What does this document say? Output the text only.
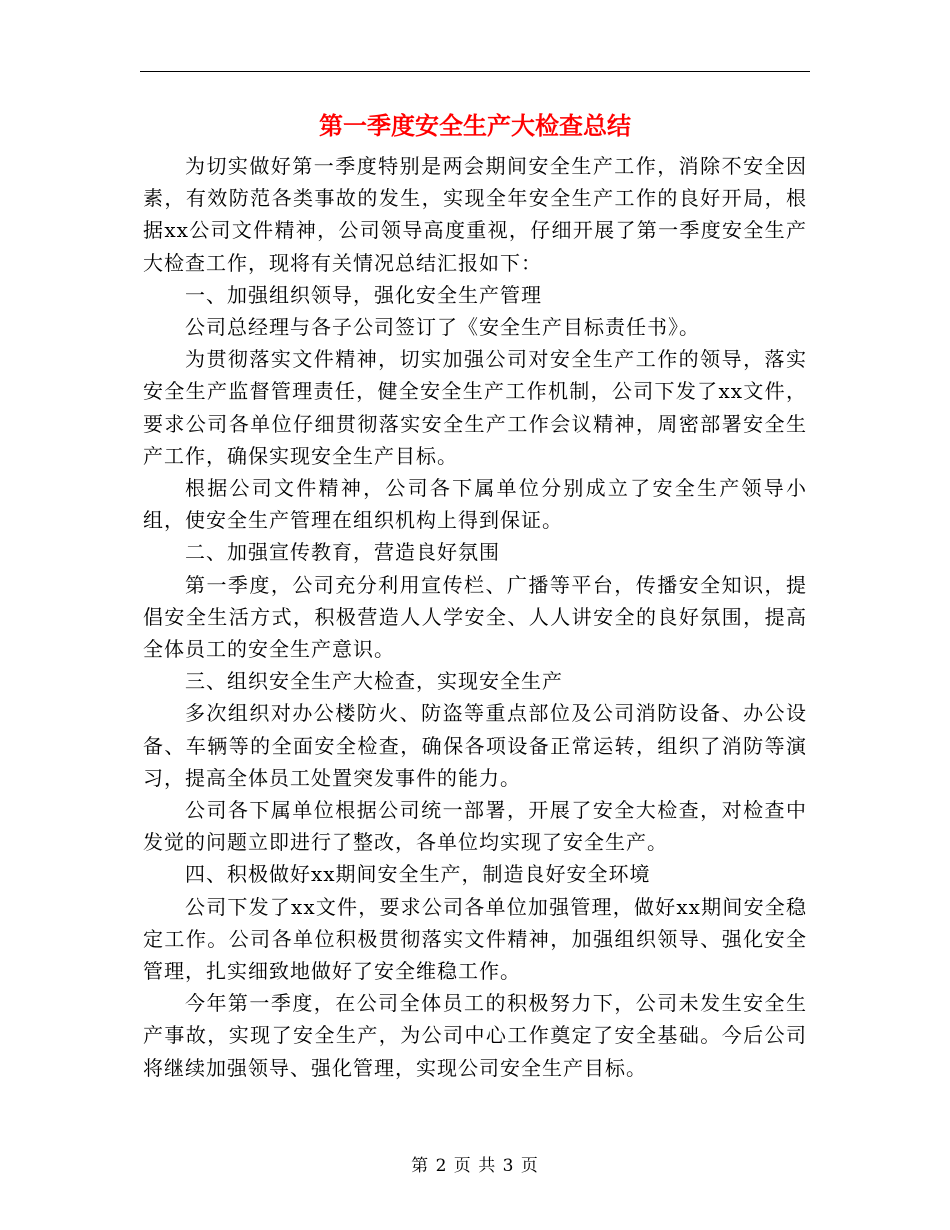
第一季度安全生产大检查总结

为切实做好第一季度特别是两会期间安全生产工作，消除不安全因素，有效防范各类事故的发生，实现全年安全生产工作的良好开局，根据xx公司文件精神，公司领导高度重视，仔细开展了第一季度安全生产大检查工作，现将有关情况总结汇报如下：

一、加强组织领导，强化安全生产管理

公司总经理与各子公司签订了《安全生产目标责任书》。

为贯彻落实文件精神，切实加强公司对安全生产工作的领导，落实安全生产监督管理责任，健全安全生产工作机制，公司下发了xx文件，要求公司各单位仔细贯彻落实安全生产工作会议精神，周密部署安全生产工作，确保实现安全生产目标。

根据公司文件精神，公司各下属单位分别成立了安全生产领导小组，使安全生产管理在组织机构上得到保证。

二、加强宣传教育，营造良好氛围

第一季度，公司充分利用宣传栏、广播等平台，传播安全知识，提倡安全生活方式，积极营造人人学安全、人人讲安全的良好氛围，提高全体员工的安全生产意识。

三、组织安全生产大检查，实现安全生产

多次组织对办公楼防火、防盗等重点部位及公司消防设备、办公设备、车辆等的全面安全检查，确保各项设备正常运转，组织了消防等演习，提高全体员工处置突发事件的能力。

公司各下属单位根据公司统一部署，开展了安全大检查，对检查中发觉的问题立即进行了整改，各单位均实现了安全生产。

四、积极做好xx期间安全生产，制造良好安全环境

公司下发了xx文件，要求公司各单位加强管理，做好xx期间安全稳定工作。公司各单位积极贯彻落实文件精神，加强组织领导、强化安全管理，扎实细致地做好了安全维稳工作。

今年第一季度，在公司全体员工的积极努力下，公司未发生安全生产事故，实现了安全生产，为公司中心工作奠定了安全基础。今后公司将继续加强领导、强化管理，实现公司安全生产目标。

第 2 页 共 3 页
